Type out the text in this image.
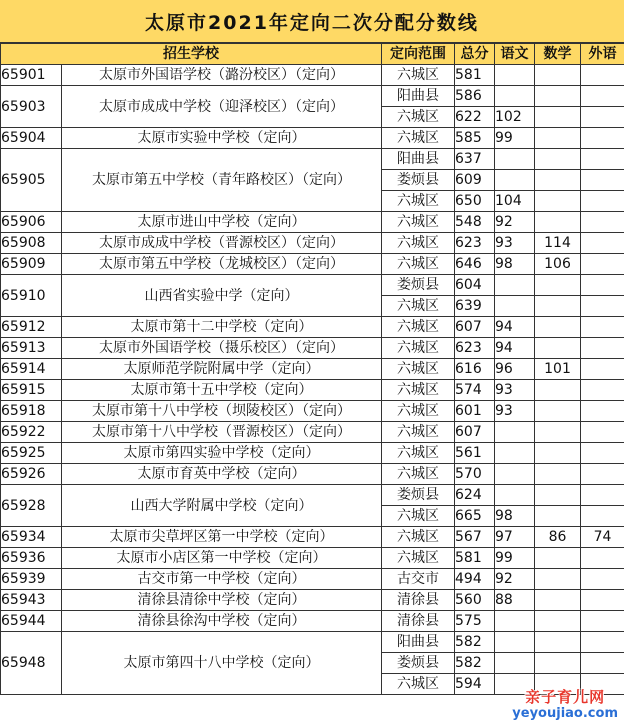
太原市2021年定向二次分配分数线
招生学校		定向范围	总分	语文	数学	外语
65901	太原市外国语学校（潞汾校区）（定向）	六城区	581			
65903	太原市成成中学校（迎泽校区）（定向）	阳曲县	586			
		六城区	622	102		
65904	太原市实验中学校（定向）	六城区	585	99		
65905	太原市第五中学校（青年路校区）（定向）	阳曲县	637			
		娄烦县	609			
		六城区	650	104		
65906	太原市进山中学校（定向）	六城区	548	92		
65908	太原市成成中学校（晋源校区）（定向）	六城区	623	93	114	
65909	太原市第五中学校（龙城校区）（定向）	六城区	646	98	106	
65910	山西省实验中学（定向）	娄烦县	604			
		六城区	639			
65912	太原市第十二中学校（定向）	六城区	607	94		
65913	太原市外国语学校（摄乐校区）（定向）	六城区	623	94		
65914	太原师范学院附属中学（定向）	六城区	616	96	101	
65915	太原市第十五中学校（定向）	六城区	574	93		
65918	太原市第十八中学校（坝陵校区）（定向）	六城区	601	93		
65922	太原市第十八中学校（晋源校区）（定向）	六城区	607			
65925	太原市第四实验中学校（定向）	六城区	561			
65926	太原市育英中学校（定向）	六城区	570			
65928	山西大学附属中学校（定向）	娄烦县	624			
		六城区	665	98		
65934	太原市尖草坪区第一中学校（定向）	六城区	567	97	86	74
65936	太原市小店区第一中学校（定向）	六城区	581	99		
65939	古交市第一中学校（定向）	古交市	494	92		
65943	清徐县清徐中学校（定向）	清徐县	560	88		
65944	清徐县徐沟中学校（定向）	清徐县	575			
65948	太原市第四十八中学校（定向）	阳曲县	582			
		娄烦县	582			
		六城区	594			
亲子育儿网
yeyoujiao.com
